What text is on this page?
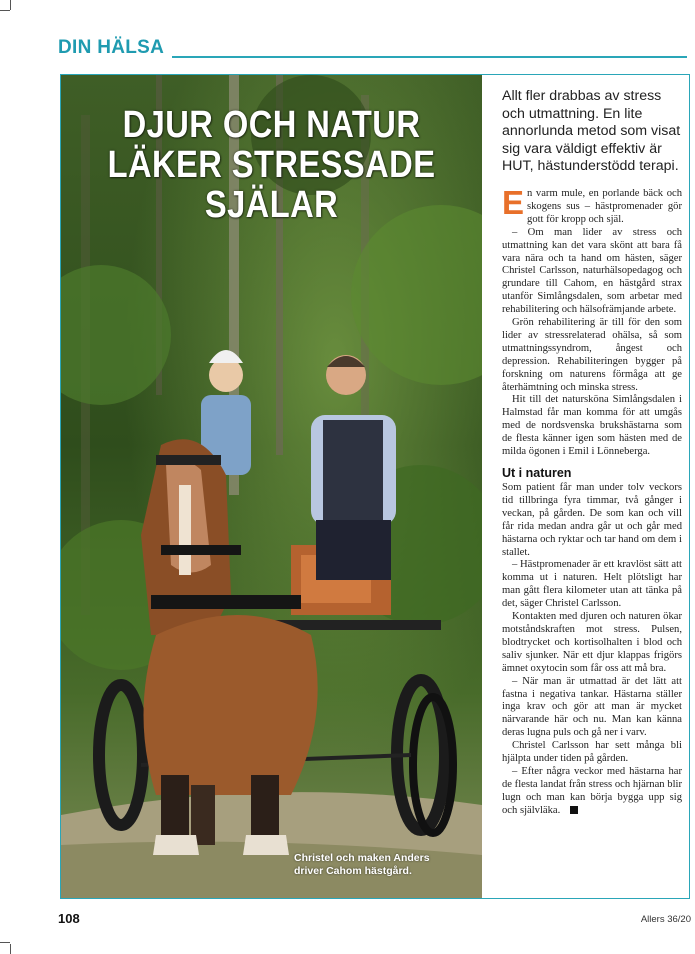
DIN HÄLSA
DJUR OCH NATUR
LÄKER STRESSADE
SJÄLAR
Christel och maken Anders
driver Cahom hästgård.

Allt fler drabbas av stress och utmattning. En lite annorlunda metod som visat sig vara väldigt effektiv är HUT, hästunderstödd terapi.

En varm mule, en porlande bäck och skogens sus – hästpromenader gör gott för kropp och själ.

– Om man lider av stress och utmattning kan det vara skönt att bara få vara nära och ta hand om hästen, säger Christel Carlsson, naturhälsopedagog och grundare till Cahom, en hästgård strax utanför Simlångsdalen, som arbetar med rehabilitering och hälsofrämjande arbete.

Grön rehabilitering är till för den som lider av stressrelaterad ohälsa, så som utmattningssyndrom, ångest och depression. Rehabiliteringen bygger på forskning om naturens förmåga att ge återhämtning och minska stress.

Hit till det natursköna Simlångsdalen i Halmstad får man komma för att umgås med de nordsvenska brukshästarna som de flesta känner igen som hästen med de milda ögonen i Emil i Lönneberga.

Ut i naturen

Som patient får man under tolv veckors tid tillbringa fyra timmar, två gånger i veckan, på gården. De som kan och vill får rida medan andra går ut och går med hästarna och ryktar och tar hand om dem i stallet.

– Hästpromenader är ett kravlöst sätt att komma ut i naturen. Helt plötsligt har man gått flera kilometer utan att tänka på det, säger Christel Carlsson.

Kontakten med djuren och naturen ökar motståndskraften mot stress. Pulsen, blodtrycket och kortisolhalten i blod och saliv sjunker. När ett djur klappas frigörs ämnet oxytocin som får oss att må bra.

– När man är utmattad är det lätt att fastna i negativa tankar. Hästarna ställer inga krav och gör att man är mycket närvarande här och nu. Man kan känna deras lugna puls och gå ner i varv.

Christel Carlsson har sett många bli hjälpta under tiden på gården.

– Efter några veckor med hästarna har de flesta landat från stress och hjärnan blir lugn och man kan börja bygga upp sig och självläka.

108	Allers 36/20
